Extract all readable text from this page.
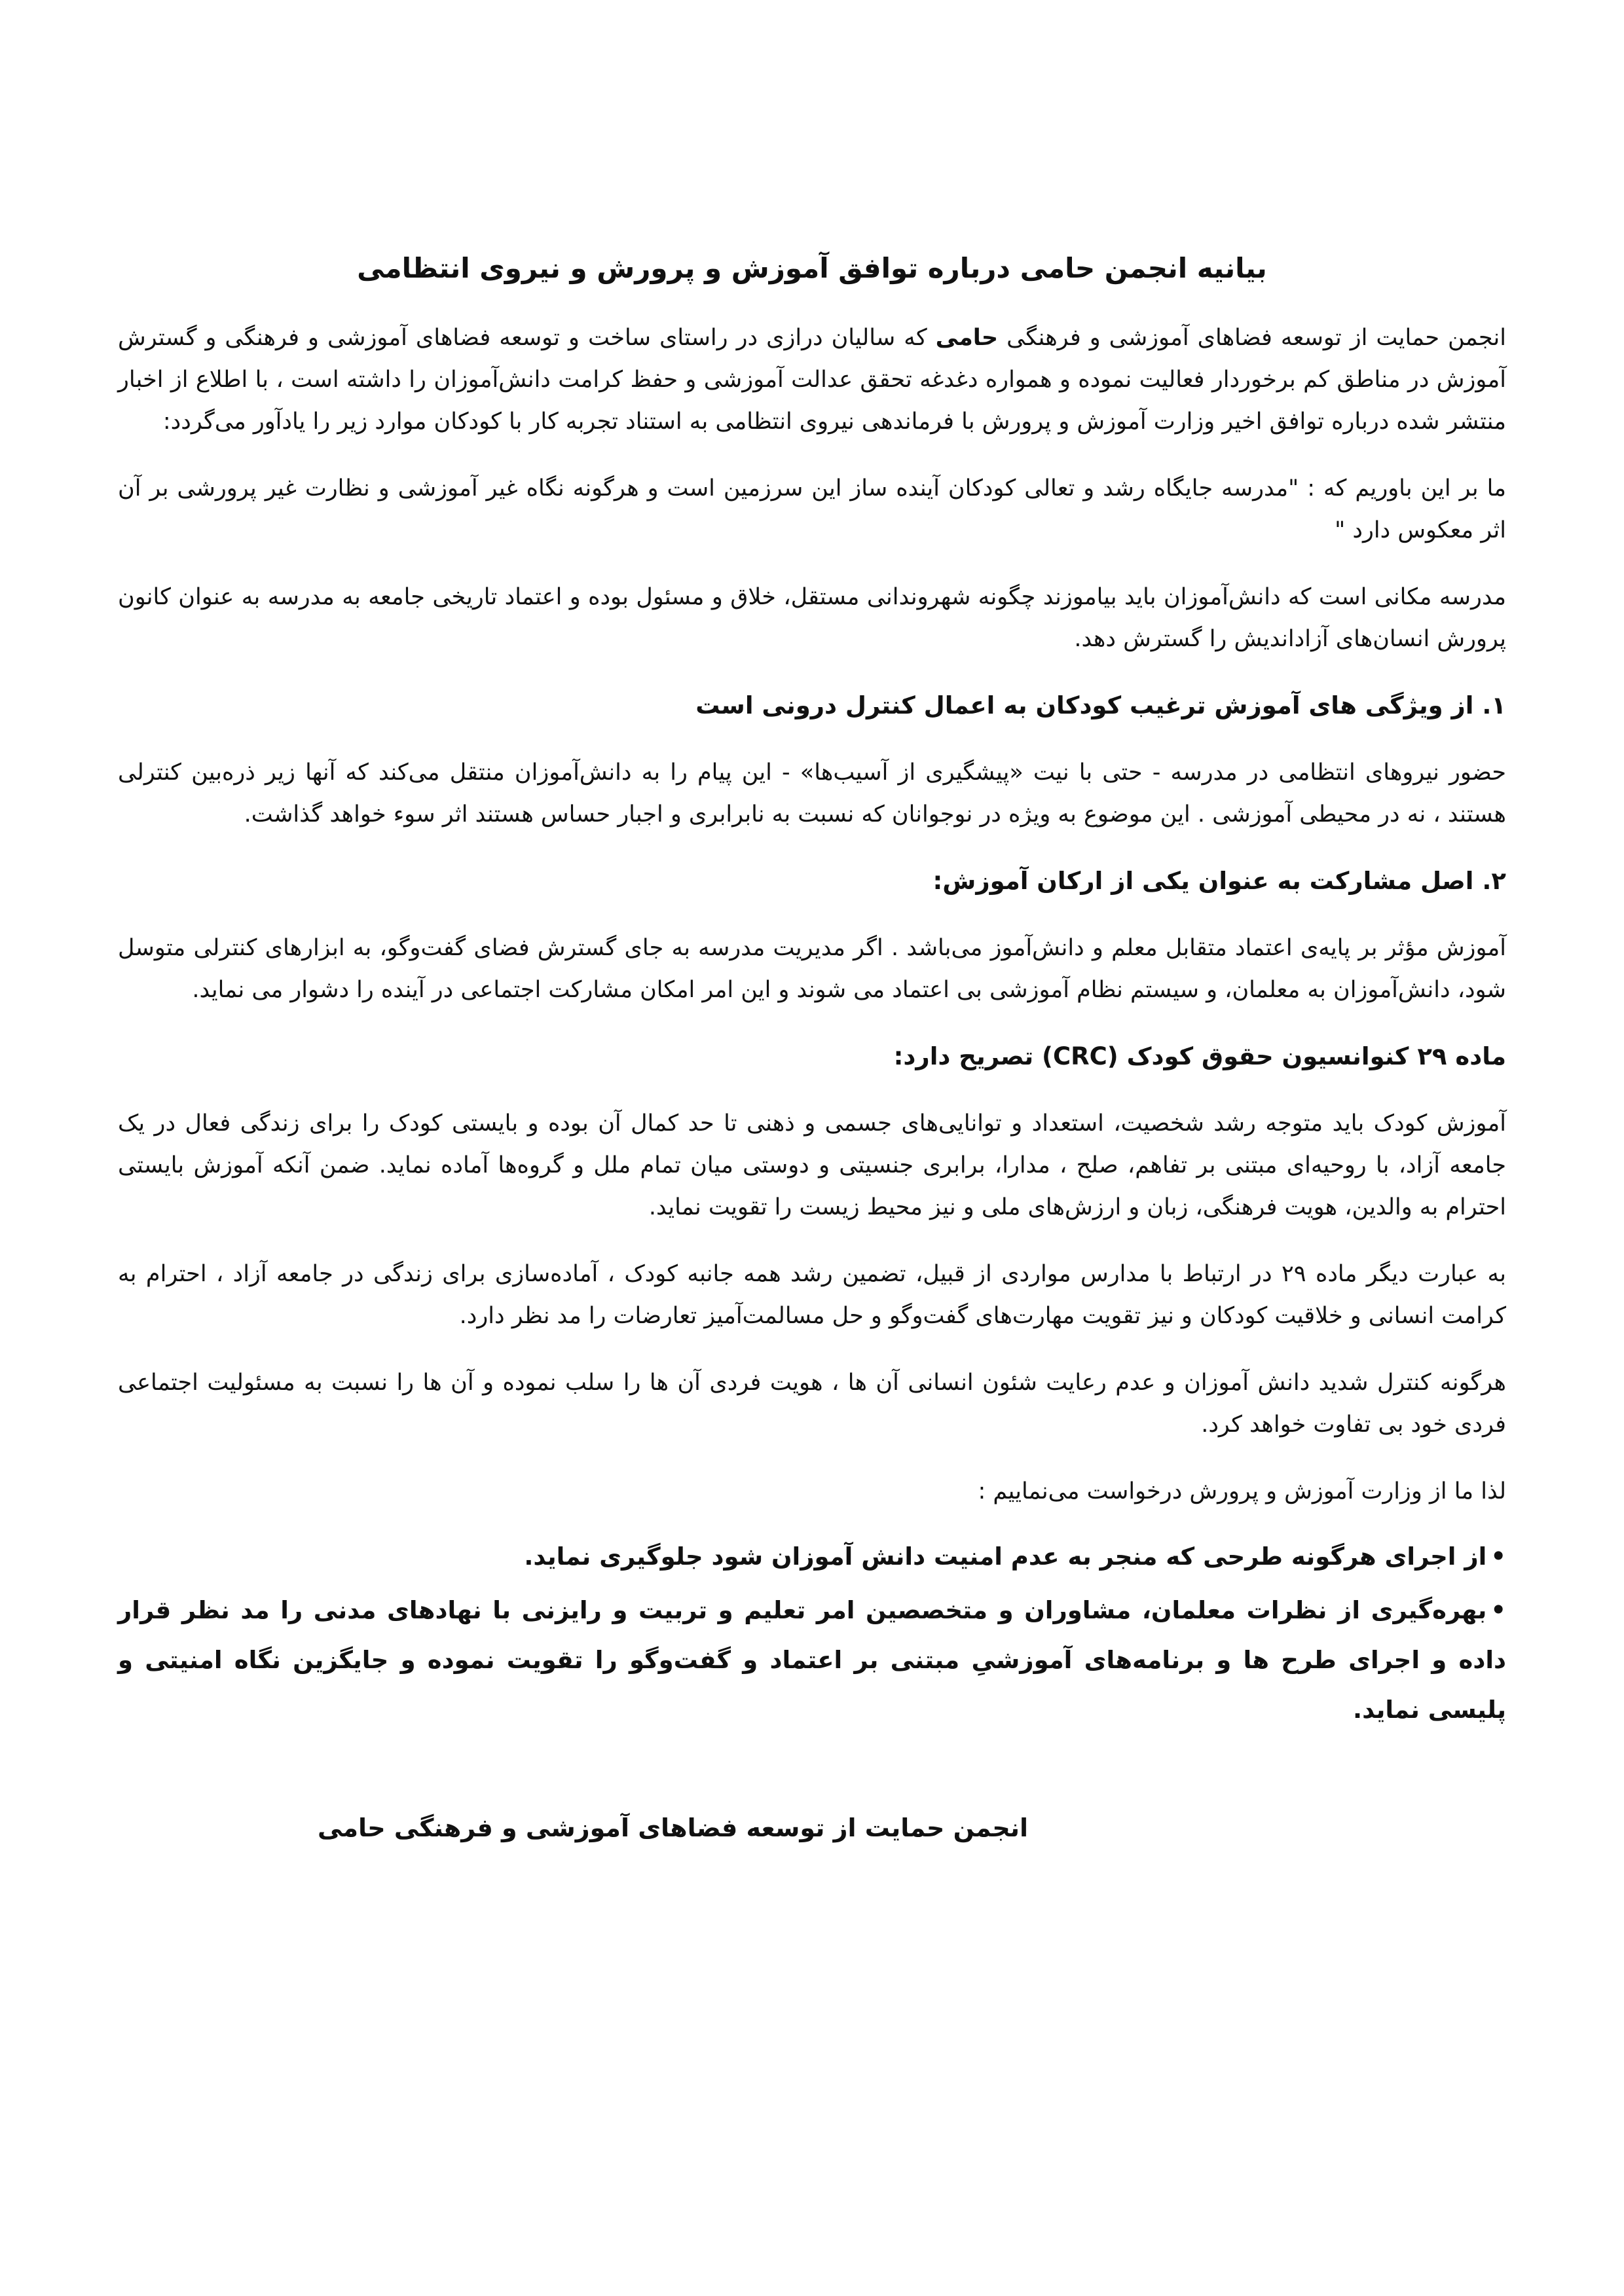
بیانیه انجمن حامی درباره توافق آموزش و پرورش و نیروی انتظامی

انجمن حمایت از توسعه فضاهای آموزشی و فرهنگی حامی که سالیان درازی در راستای ساخت و توسعه فضاهای آموزشی و فرهنگی و گسترش آموزش در مناطق کم برخوردار فعالیت نموده و همواره دغدغه تحقق عدالت آموزشی و حفظ کرامت دانش‌آموزان را داشته است ، با اطلاع از اخبار منتشر شده درباره توافق اخیر وزارت آموزش و پرورش با فرماندهی نیروی انتظامی به استناد تجربه کار با کودکان موارد زیر را یادآور می‌گردد:

ما بر این باوریم که : "مدرسه جایگاه رشد و تعالی کودکان آینده ساز این سرزمین است و هرگونه نگاه غیر آموزشی و نظارت غیر پرورشی بر آن اثر معکوس دارد "

مدرسه مکانی است که دانش‌آموزان باید بیاموزند چگونه شهروندانی مستقل، خلاق و مسئول بوده و اعتماد تاریخی جامعه به مدرسه به عنوان کانون پرورش انسان‌های آزاداندیش را گسترش دهد.

۱. از ویژگی های آموزش ترغیب کودکان به اعمال کنترل درونی است

حضور نیروهای انتظامی در مدرسه - حتی با نیت «پیشگیری از آسیب‌ها» - این پیام را به دانش‌آموزان منتقل می‌کند که آنها زیر ذره‌بین کنترلی هستند ، نه در محیطی آموزشی . این موضوع به ویژه در نوجوانان که نسبت به نابرابری و اجبار حساس هستند اثر سوء خواهد گذاشت.

۲. اصل مشارکت به عنوان یکی از ارکان آموزش:

آموزش مؤثر بر پایه‌ی اعتماد متقابل معلم و دانش‌آموز می‌باشد . اگر مدیریت مدرسه به جای گسترش فضای گفت‌وگو، به ابزارهای کنترلی متوسل شود، دانش‌آموزان به معلمان، و سیستم نظام آموزشی بی اعتماد می شوند و این امر امکان مشارکت اجتماعی در آینده را دشوار می نماید.

ماده ۲۹ کنوانسیون حقوق کودک (CRC) تصریح دارد:

آموزش کودک باید متوجه رشد شخصیت، استعداد و توانایی‌های جسمی و ذهنی تا حد کمال آن بوده و بایستی کودک را برای زندگی فعال در یک جامعه آزاد، با روحیه‌ای مبتنی بر تفاهم، صلح ، مدارا، برابری جنسیتی و دوستی میان تمام ملل و گروه‌ها آماده نماید. ضمن آنکه آموزش بایستی احترام به والدین، هویت فرهنگی، زبان و ارزش‌های ملی و نیز محیط زیست را تقویت نماید.

به عبارت دیگر ماده ۲۹ در ارتباط با مدارس مواردی از قبیل، تضمین رشد همه جانبه کودک ، آماده‌سازی برای زندگی در جامعه آزاد ، احترام به کرامت انسانی و خلاقیت کودکان و نیز تقویت مهارت‌های گفت‌وگو و حل مسالمت‌آمیز تعارضات را مد نظر دارد.

هرگونه کنترل شدید دانش آموزان و عدم رعایت شئون انسانی آن ها ، هویت فردی آن ها را سلب نموده و آن ها را نسبت به مسئولیت اجتماعی فردی خود بی تفاوت خواهد کرد.

لذا ما از وزارت آموزش و پرورش درخواست می‌نماییم :
•از اجرای هرگونه طرحی که منجر به عدم امنیت دانش آموزان شود جلوگیری نماید.
•بهره‌گیری از نظرات معلمان، مشاوران و متخصصین امر تعلیم و تربیت و رایزنی با نهادهای مدنی را مد نظر قرار داده و اجرای طرح ها و برنامه‌های آموزشیِ مبتنی بر اعتماد و گفت‌وگو را تقویت نموده و جایگزین نگاه امنیتی و پلیسی نماید.
انجمن حمایت از توسعه فضاهای آموزشی و فرهنگی حامی
